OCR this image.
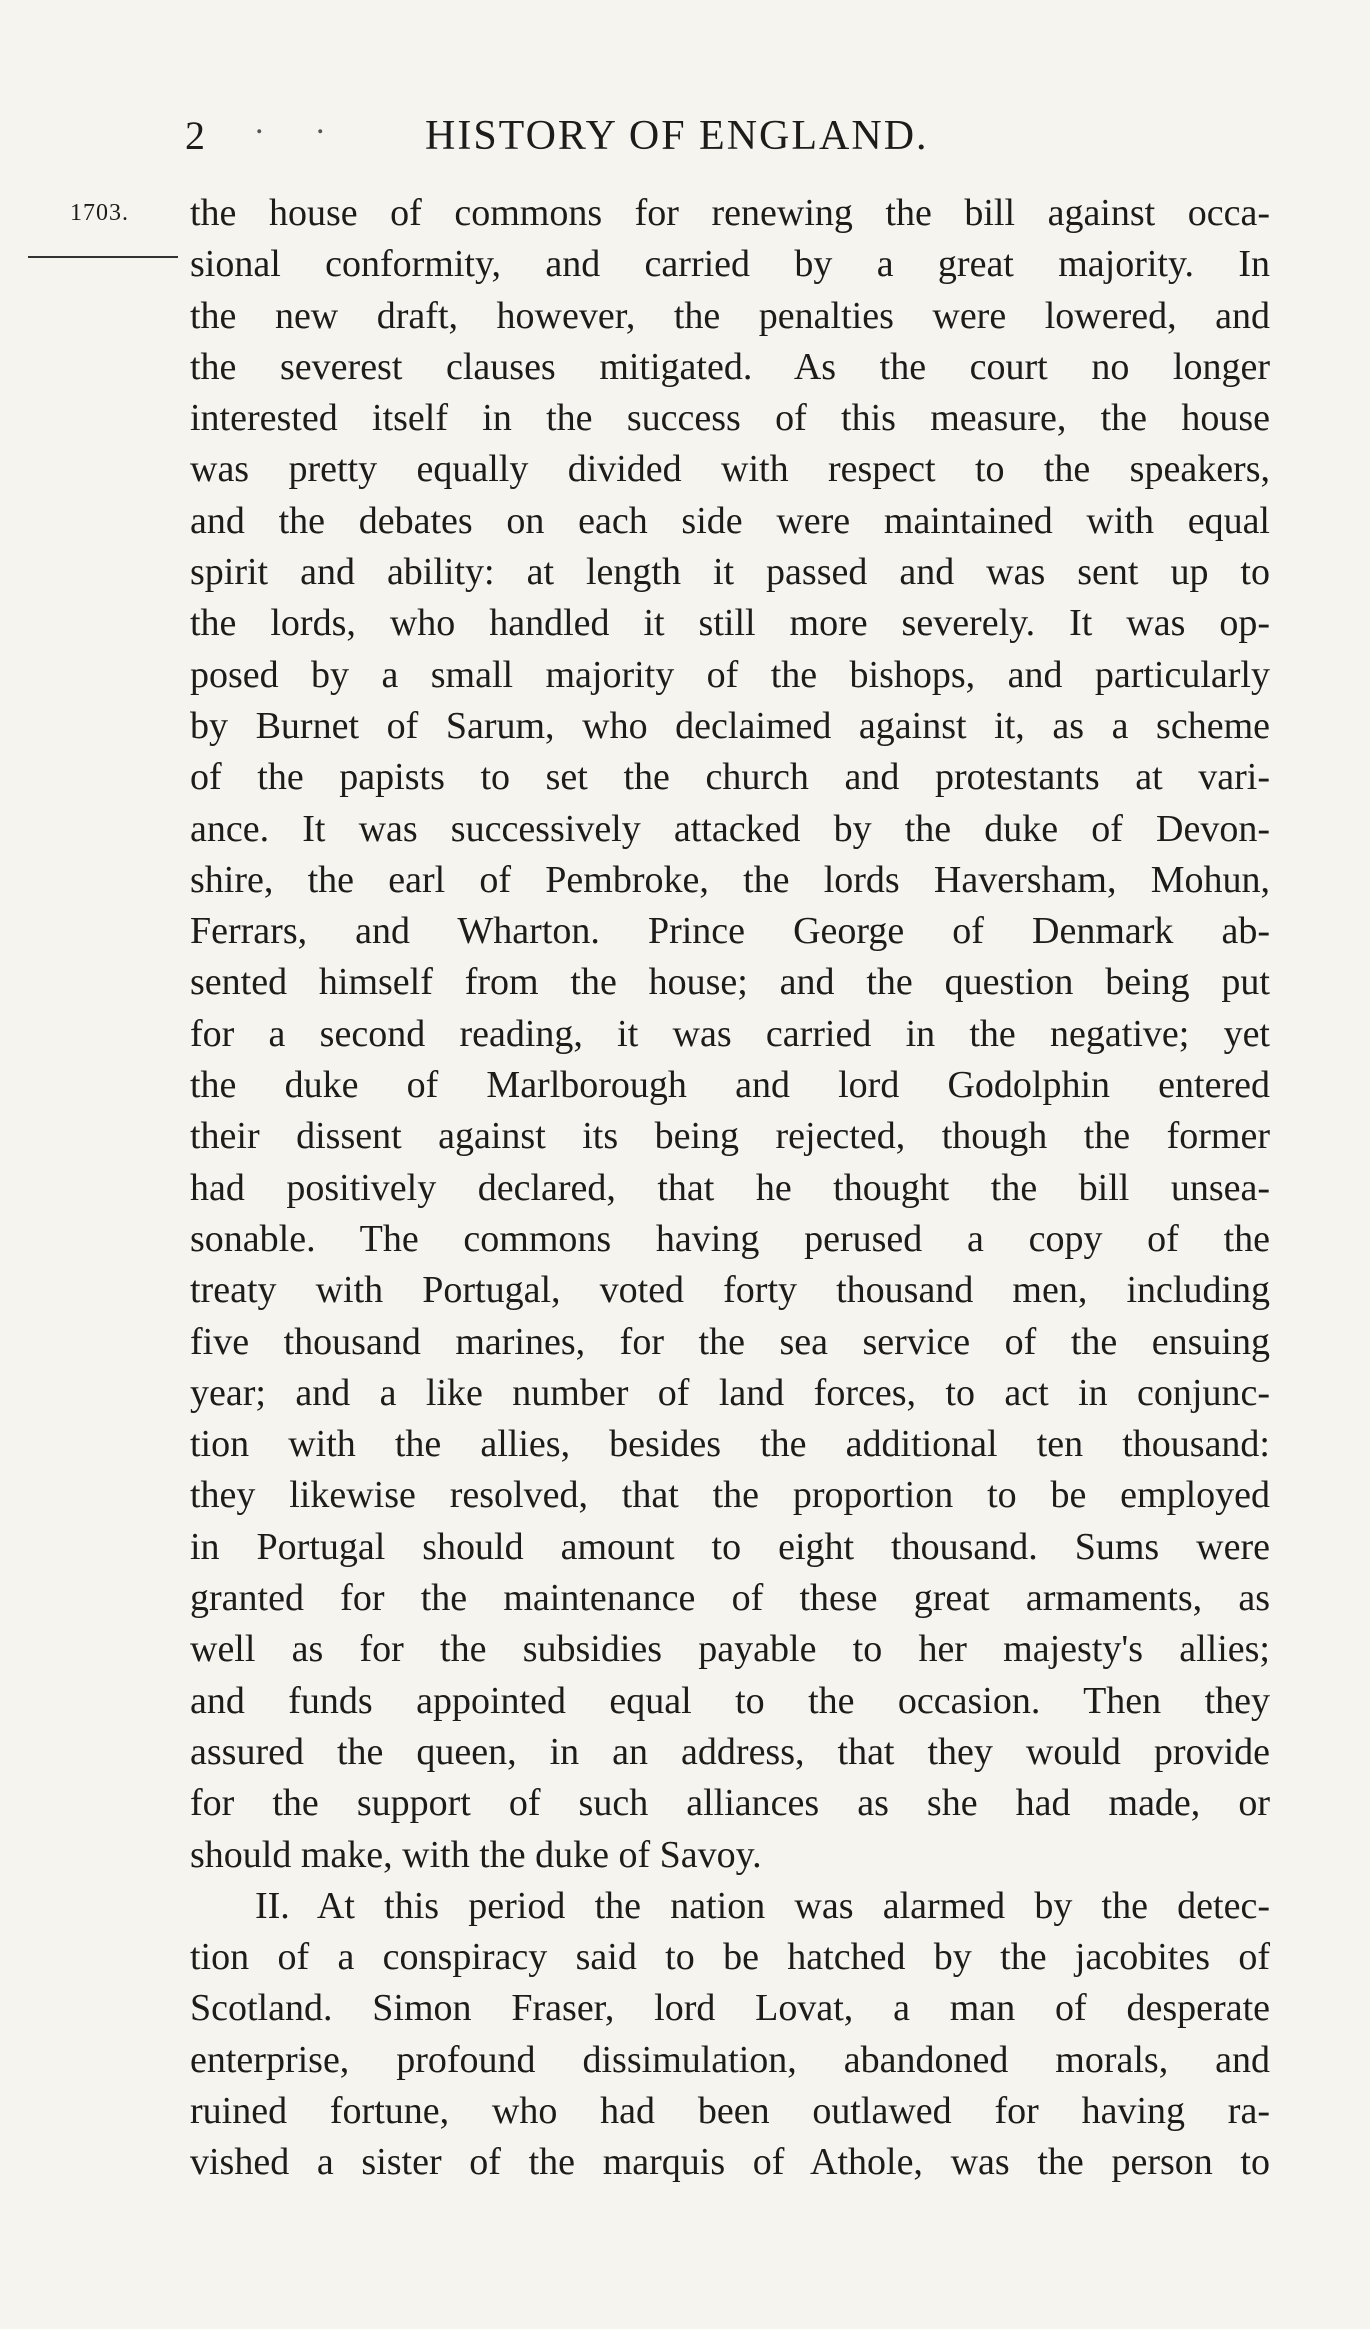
2 . . HISTORY OF ENGLAND.
1703. the house of commons for renewing the bill against occa-
sional conformity, and carried by a great majority. In
the new draft, however, the penalties were lowered, and
the severest clauses mitigated. As the court no longer
interested itself in the success of this measure, the house
was pretty equally divided with respect to the speakers,
and the debates on each side were maintained with equal
spirit and ability: at length it passed and was sent up to
the lords, who handled it still more severely. It was op-
posed by a small majority of the bishops, and particularly
by Burnet of Sarum, who declaimed against it, as a scheme
of the papists to set the church and protestants at vari-
ance. It was successively attacked by the duke of Devon-
shire, the earl of Pembroke, the lords Haversham, Mohun,
Ferrars, and Wharton. Prince George of Denmark ab-
sented himself from the house; and the question being put
for a second reading, it was carried in the negative; yet
the duke of Marlborough and lord Godolphin entered
their dissent against its being rejected, though the former
had positively declared, that he thought the bill unsea-
sonable. The commons having perused a copy of the
treaty with Portugal, voted forty thousand men, including
five thousand marines, for the sea service of the ensuing
year; and a like number of land forces, to act in conjunc-
tion with the allies, besides the additional ten thousand:
they likewise resolved, that the proportion to be employed
in Portugal should amount to eight thousand. Sums were
granted for the maintenance of these great armaments, as
well as for the subsidies payable to her majesty's allies;
and funds appointed equal to the occasion. Then they
assured the queen, in an address, that they would provide
for the support of such alliances as she had made, or
should make, with the duke of Savoy.
II. At this period the nation was alarmed by the detec-
tion of a conspiracy said to be hatched by the jacobites of
Scotland. Simon Fraser, lord Lovat, a man of desperate
enterprise, profound dissimulation, abandoned morals, and
ruined fortune, who had been outlawed for having ra-
vished a sister of the marquis of Athole, was the person to
